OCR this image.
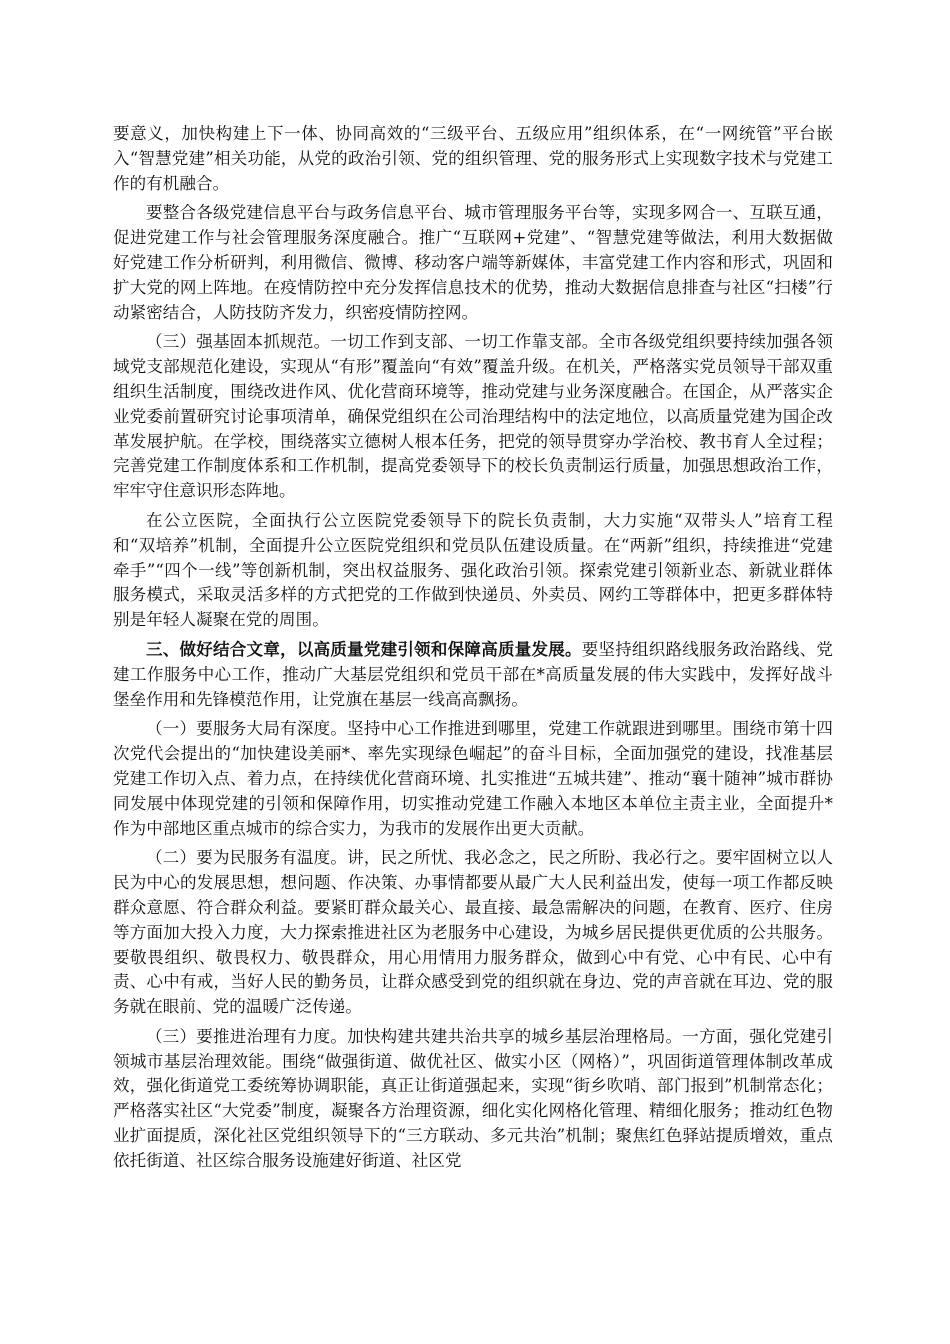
要意义，加快构建上下一体、协同高效的“三级平台、五级应用”组织体系，在“一网统管”平台嵌入“智慧党建”相关功能，从党的政治引领、党的组织管理、党的服务形式上实现数字技术与党建工作的有机融合。

要整合各级党建信息平台与政务信息平台、城市管理服务平台等，实现多网合一、互联互通，促进党建工作与社会管理服务深度融合。推广“互联网+党建”、“智慧党建等做法，利用大数据做好党建工作分析研判，利用微信、微博、移动客户端等新媒体，丰富党建工作内容和形式，巩固和扩大党的网上阵地。在疫情防控中充分发挥信息技术的优势，推动大数据信息排查与社区“扫楼”行动紧密结合，人防技防齐发力，织密疫情防控网。

（三）强基固本抓规范。一切工作到支部、一切工作靠支部。全市各级党组织要持续加强各领域党支部规范化建设，实现从“有形”覆盖向“有效”覆盖升级。在机关，严格落实党员领导干部双重组织生活制度，围绕改进作风、优化营商环境等，推动党建与业务深度融合。在国企，从严落实企业党委前置研究讨论事项清单，确保党组织在公司治理结构中的法定地位，以高质量党建为国企改革发展护航。在学校，围绕落实立德树人根本任务，把党的领导贯穿办学治校、教书育人全过程；完善党建工作制度体系和工作机制，提高党委领导下的校长负责制运行质量，加强思想政治工作，牢牢守住意识形态阵地。

在公立医院，全面执行公立医院党委领导下的院长负责制，大力实施“双带头人”培育工程和“双培养”机制，全面提升公立医院党组织和党员队伍建设质量。在“两新”组织，持续推进“党建牵手”“四个一线”等创新机制，突出权益服务、强化政治引领。探索党建引领新业态、新就业群体服务模式，采取灵活多样的方式把党的工作做到快递员、外卖员、网约工等群体中，把更多群体特别是年轻人凝聚在党的周围。

三、做好结合文章，以高质量党建引领和保障高质量发展。要坚持组织路线服务政治路线、党建工作服务中心工作，推动广大基层党组织和党员干部在*高质量发展的伟大实践中，发挥好战斗堡垒作用和先锋模范作用，让党旗在基层一线高高飘扬。

（一）要服务大局有深度。坚持中心工作推进到哪里，党建工作就跟进到哪里。围绕市第十四次党代会提出的“加快建设美丽*、率先实现绿色崛起”的奋斗目标，全面加强党的建设，找准基层党建工作切入点、着力点，在持续优化营商环境、扎实推进“五城共建”、推动“襄十随神”城市群协同发展中体现党建的引领和保障作用，切实推动党建工作融入本地区本单位主责主业，全面提升*作为中部地区重点城市的综合实力，为我市的发展作出更大贡献。

（二）要为民服务有温度。讲，民之所忧、我必念之，民之所盼、我必行之。要牢固树立以人民为中心的发展思想，想问题、作决策、办事情都要从最广大人民利益出发，使每一项工作都反映群众意愿、符合群众利益。要紧盯群众最关心、最直接、最急需解决的问题，在教育、医疗、住房等方面加大投入力度，大力探索推进社区为老服务中心建设，为城乡居民提供更优质的公共服务。要敬畏组织、敬畏权力、敬畏群众，用心用情用力服务群众，做到心中有党、心中有民、心中有责、心中有戒，当好人民的勤务员，让群众感受到党的组织就在身边、党的声音就在耳边、党的服务就在眼前、党的温暖广泛传递。

（三）要推进治理有力度。加快构建共建共治共享的城乡基层治理格局。一方面，强化党建引领城市基层治理效能。围绕“做强街道、做优社区、做实小区（网格）”，巩固街道管理体制改革成效，强化街道党工委统筹协调职能，真正让街道强起来，实现“街乡吹哨、部门报到”机制常态化；严格落实社区“大党委”制度，凝聚各方治理资源，细化实化网格化管理、精细化服务；推动红色物业扩面提质，深化社区党组织领导下的“三方联动、多元共治”机制；聚焦红色驿站提质增效，重点依托街道、社区综合服务设施建好街道、社区党
